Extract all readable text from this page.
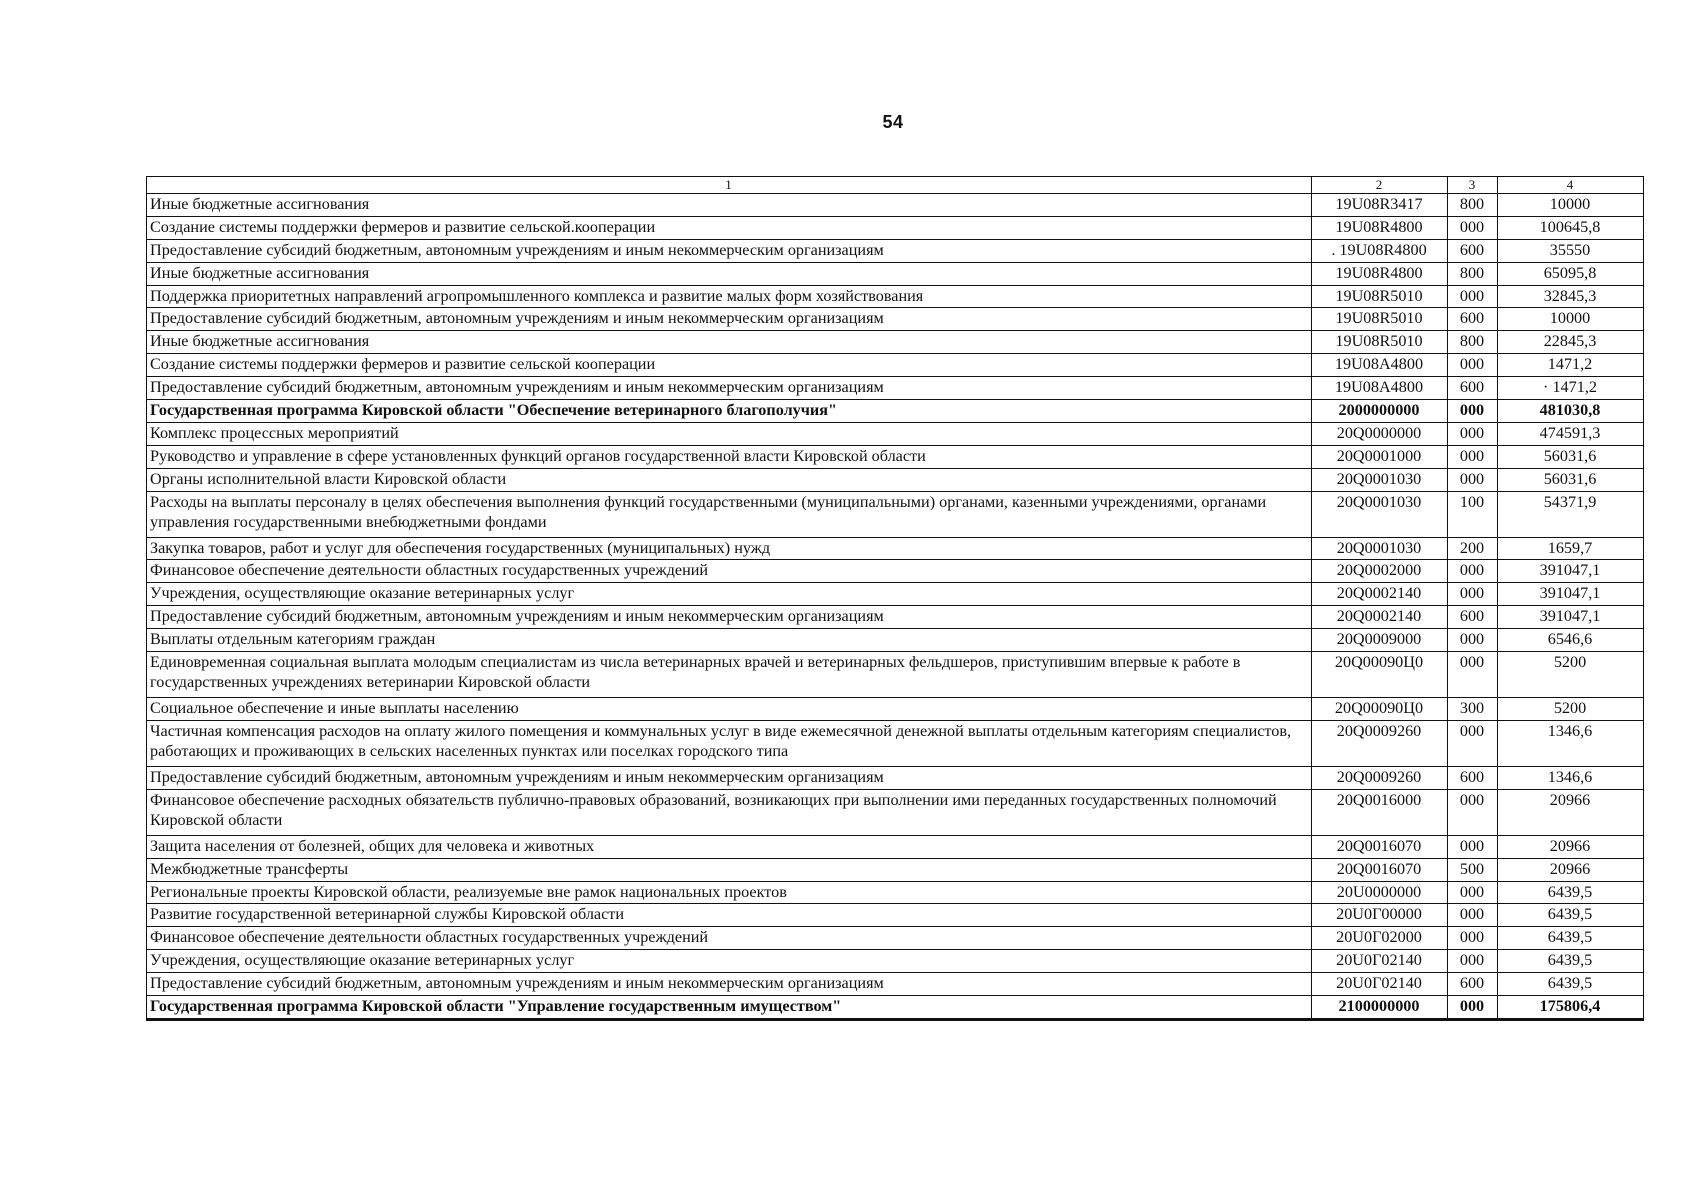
54
1	2	3	4
Иные бюджетные ассигнования	19U08R3417	800	10000
Создание системы поддержки фермеров и развитие сельской.кооперации	19U08R4800	000	100645,8
Предоставление субсидий бюджетным, автономным учреждениям и иным некоммерческим организациям	. 19U08R4800	600	35550
Иные бюджетные ассигнования	19U08R4800	800	65095,8
Поддержка приоритетных направлений агропромышленного комплекса и развитие малых форм хозяйствования	19U08R5010	000	32845,3
Предоставление субсидий бюджетным, автономным учреждениям и иным некоммерческим организациям	19U08R5010	600	10000
Иные бюджетные ассигнования	19U08R5010	800	22845,3
Создание системы поддержки фермеров и развитие сельской кооперации	19U08A4800	000	1471,2
Предоставление субсидий бюджетным, автономным учреждениям и иным некоммерческим организациям	19U08A4800	600	· 1471,2
Государственная программа Кировской области "Обеспечение ветеринарного благополучия"	2000000000	000	481030,8
Комплекс процессных мероприятий	20Q0000000	000	474591,3
Руководство и управление в сфере установленных функций органов государственной власти Кировской области	20Q0001000	000	56031,6
Органы исполнительной власти Кировской области	20Q0001030	000	56031,6
Расходы на выплаты персоналу в целях обеспечения выполнения функций государственными (муниципальными) органами, казенными учреждениями, органами управления государственными внебюджетными фондами	20Q0001030	100	54371,9
Закупка товаров, работ и услуг для обеспечения государственных (муниципальных) нужд	20Q0001030	200	1659,7
Финансовое обеспечение деятельности областных государственных учреждений	20Q0002000	000	391047,1
Учреждения, осуществляющие оказание ветеринарных услуг	20Q0002140	000	391047,1
Предоставление субсидий бюджетным, автономным учреждениям и иным некоммерческим организациям	20Q0002140	600	391047,1
Выплаты отдельным категориям граждан	20Q0009000	000	6546,6
Единовременная социальная выплата молодым специалистам из числа ветеринарных врачей и ветеринарных фельдшеров, приступившим впервые к работе в государственных учреждениях ветеринарии Кировской области	20Q00090Ц0	000	5200
Социальное обеспечение и иные выплаты населению	20Q00090Ц0	300	5200
Частичная компенсация расходов на оплату жилого помещения и коммунальных услуг в виде ежемесячной денежной выплаты отдельным категориям специалистов, работающих и проживающих в сельских населенных пунктах или поселках городского типа	20Q0009260	000	1346,6
Предоставление субсидий бюджетным, автономным учреждениям и иным некоммерческим организациям	20Q0009260	600	1346,6
Финансовое обеспечение расходных обязательств публично-правовых образований, возникающих при выполнении ими переданных государственных полномочий Кировской области	20Q0016000	000	20966
Защита населения от болезней, общих для человека и животных	20Q0016070	000	20966
Межбюджетные трансферты	20Q0016070	500	20966
Региональные проекты Кировской области, реализуемые вне рамок национальных проектов	20U0000000	000	6439,5
Развитие государственной ветеринарной службы Кировской области	20U0Г00000	000	6439,5
Финансовое обеспечение деятельности областных государственных учреждений	20U0Г02000	000	6439,5
Учреждения, осуществляющие оказание ветеринарных услуг	20U0Г02140	000	6439,5
Предоставление субсидий бюджетным, автономным учреждениям и иным некоммерческим организациям	20U0Г02140	600	6439,5
Государственная программа Кировской области "Управление государственным имуществом"	2100000000	000	175806,4
